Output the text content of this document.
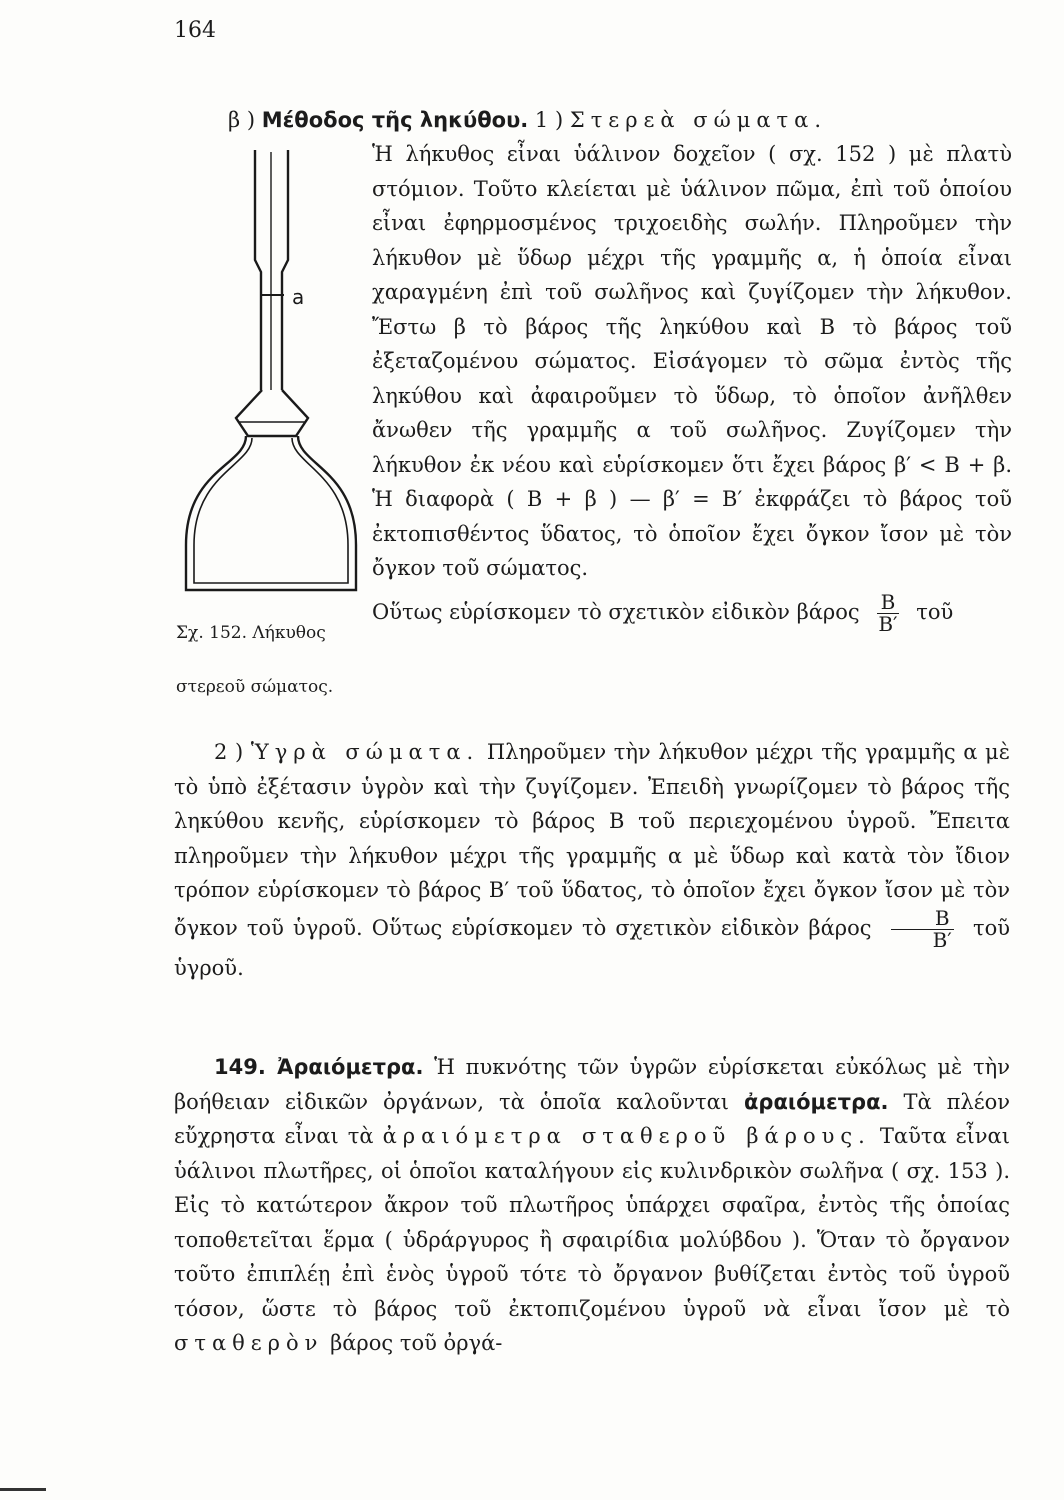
164
a
Σχ. 152. Λήκυθος
στερεοῦ σώματος.

β ) Μέθοδος τῆς ληκύθου. 1 ) Στερεὰ σώματα.

Ἡ λήκυθος εἶναι ὑάλινον δοχεῖον ( σχ. 152 ) μὲ πλατὺ στόμιον. Τοῦτο κλείεται μὲ ὑάλινον πῶμα, ἐπὶ τοῦ ὁποίου εἶναι ἐφηρμοσμένος τριχοειδὴς σωλήν. Πληροῦμεν τὴν λήκυθον μὲ ὕδωρ μέχρι τῆς γραμμῆς α, ἡ ὁποία εἶναι χαραγμένη ἐπὶ τοῦ σωλῆνος καὶ ζυγίζομεν τὴν λήκυθον. Ἔστω β τὸ βάρος τῆς ληκύθου καὶ Β τὸ βάρος τοῦ ἐξεταζομένου σώματος. Εἰσάγομεν τὸ σῶμα ἐντὸς τῆς ληκύθου καὶ ἀφαιροῦμεν τὸ ὕδωρ, τὸ ὁποῖον ἀνῆλθεν ἄνωθεν τῆς γραμμῆς α τοῦ σωλῆνος. Ζυγίζομεν τὴν λήκυθον ἐκ νέου καὶ εὑρίσκομεν ὅτι ἔχει βάρος β′ < Β + β. Ἡ διαφορὰ ( Β + β ) — β′ = Β′ ἐκφράζει τὸ βάρος τοῦ ἐκτοπισθέντος ὕδατος, τὸ ὁποῖον ἔχει ὄγκον ἴσον μὲ τὸν ὄγκον τοῦ σώματος.

Οὕτως εὑρίσκομεν τὸ σχετικὸν εἰδικὸν βάρος $\frac{B}{B'}$ τοῦ

2 ) Ὑγρὰ σώματα. Πληροῦμεν τὴν λήκυθον μέχρι τῆς γραμμῆς α μὲ τὸ ὑπὸ ἐξέτασιν ὑγρὸν καὶ τὴν ζυγίζομεν. Ἐπειδὴ γνωρίζομεν τὸ βάρος τῆς ληκύθου κενῆς, εὑρίσκομεν τὸ βάρος Β τοῦ περιεχομένου ὑγροῦ. Ἔπειτα πληροῦμεν τὴν λήκυθον μέχρι τῆς γραμμῆς α μὲ ὕδωρ καὶ κατὰ τὸν ἴδιον τρόπον εὑρίσκομεν τὸ βάρος Β′ τοῦ ὕδατος, τὸ ὁποῖον ἔχει ὄγκον ἴσον μὲ τὸν ὄγκον τοῦ ὑγροῦ. Οὕτως εὑρίσκομεν τὸ σχετικὸν εἰδικὸν βάρος $\frac{B}{B'}$ τοῦ ὑγροῦ.

149. Ἀραιόμετρα. Ἡ πυκνότης τῶν ὑγρῶν εὑρίσκεται εὐκόλως μὲ τὴν βοήθειαν εἰδικῶν ὀργάνων, τὰ ὁποῖα καλοῦνται ἀραιόμετρα. Τὰ πλέον εὔχρηστα εἶναι τὰ ἀραιόμετρα σταθεροῦ βάρους. Ταῦτα εἶναι ὑάλινοι πλωτῆρες, οἱ ὁποῖοι καταλήγουν εἰς κυλινδρικὸν σωλῆνα ( σχ. 153 ). Εἰς τὸ κατώτερον ἄκρον τοῦ πλωτῆρος ὑπάρχει σφαῖρα, ἐντὸς τῆς ὁποίας τοποθετεῖται ἕρμα ( ὑδράργυρος ἢ σφαιρίδια μολύβδου ). Ὅταν τὸ ὄργανον τοῦτο ἐπιπλέῃ ἐπὶ ἑνὸς ὑγροῦ τότε τὸ ὄργανον βυθίζεται ἐντὸς τοῦ ὑγροῦ τόσον, ὥστε τὸ βάρος τοῦ ἐκτοπιζομένου ὑγροῦ νὰ εἶναι ἴσον μὲ τὸ σταθερὸν βάρος τοῦ ὀργά-
